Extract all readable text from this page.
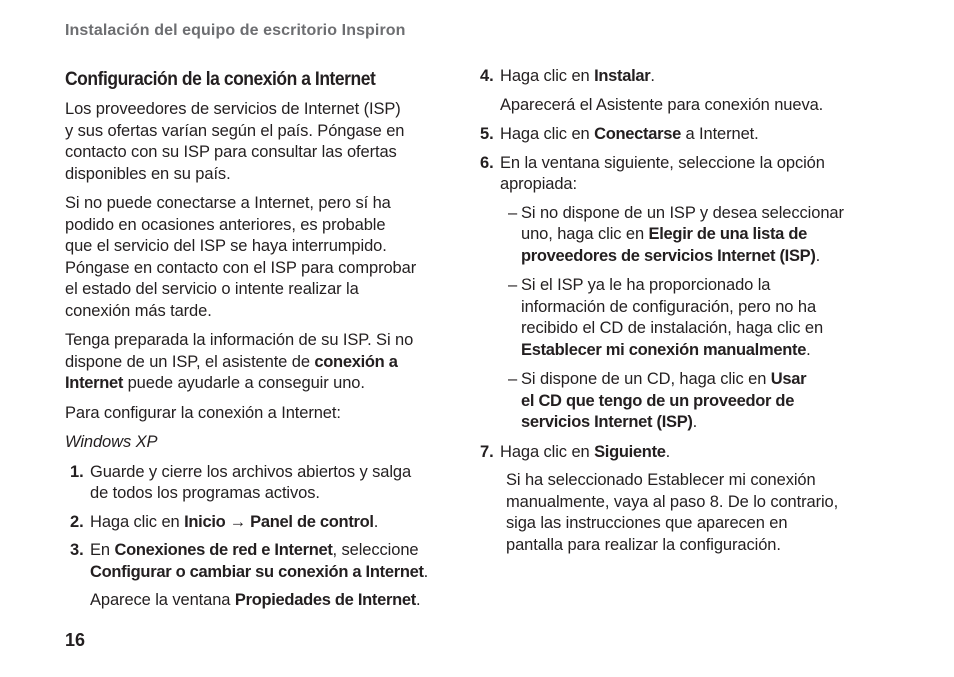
Instalación del equipo de escritorio Inspiron
Configuración de la conexión a Internet

Los proveedores de servicios de Internet (ISP)
y sus ofertas varían según el país. Póngase en
contacto con su ISP para consultar las ofertas
disponibles en su país.

Si no puede conectarse a Internet, pero sí ha
podido en ocasiones anteriores, es probable
que el servicio del ISP se haya interrumpido.
Póngase en contacto con el ISP para comprobar
el estado del servicio o intente realizar la
conexión más tarde.

Tenga preparada la información de su ISP. Si no
dispone de un ISP, el asistente de conexión a
Internet puede ayudarle a conseguir uno.

Para configurar la conexión a Internet:

Windows XP

1. Guarde y cierre los archivos abiertos y salga
de todos los programas activos.
2. Haga clic en Inicio → Panel de control.
3. En Conexiones de red e Internet, seleccione
Configurar o cambiar su conexión a Internet.

Aparece la ventana Propiedades de Internet.

4. Haga clic en Instalar.

Aparecerá el Asistente para conexión nueva.

5. Haga clic en Conectarse a Internet.
6. En la ventana siguiente, seleccione la opción
apropiada:
– Si no dispone de un ISP y desea seleccionar
uno, haga clic en Elegir de una lista de
proveedores de servicios Internet (ISP).
– Si el ISP ya le ha proporcionado la
información de configuración, pero no ha
recibido el CD de instalación, haga clic en
Establecer mi conexión manualmente.
– Si dispone de un CD, haga clic en Usar
el CD que tengo de un proveedor de
servicios Internet (ISP).
7. Haga clic en Siguiente.

Si ha seleccionado Establecer mi conexión
manualmente, vaya al paso 8. De lo contrario,
siga las instrucciones que aparecen en
pantalla para realizar la configuración.

16
